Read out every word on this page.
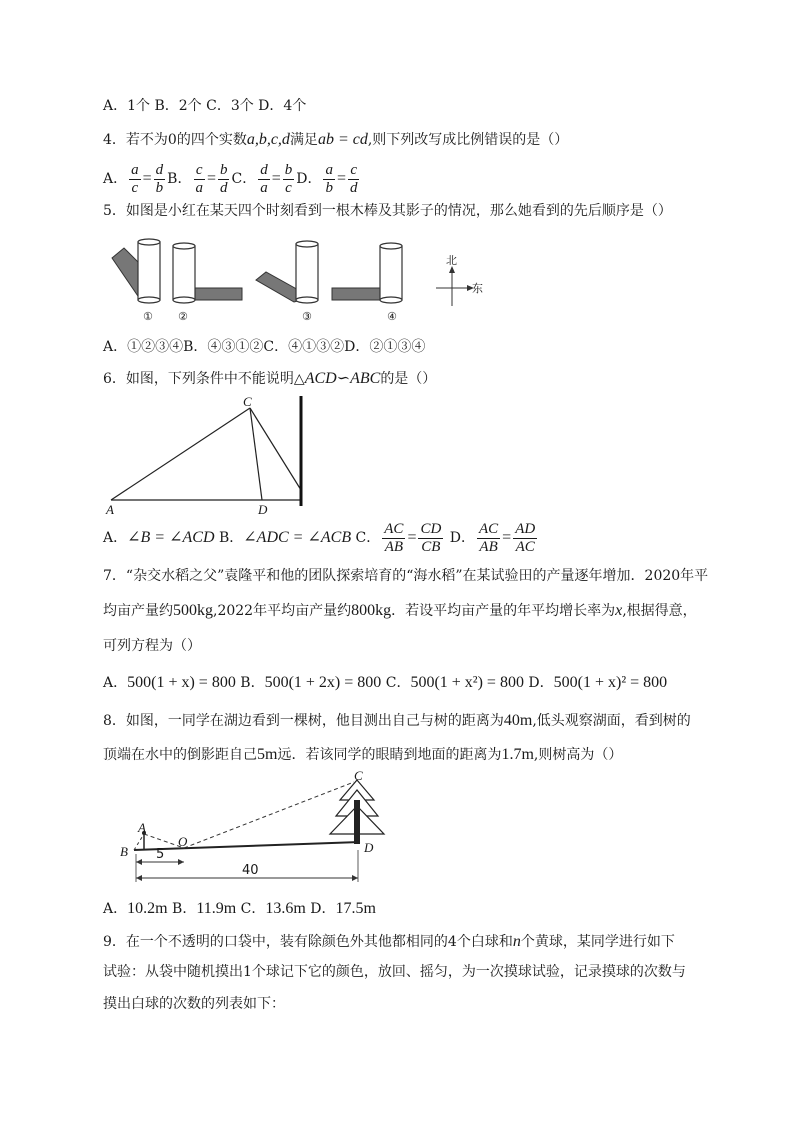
A．1个 B．2个 C．3个 D．4个
4．若不为0的四个实数a,b,c,d满足ab = cd,则下列改写成比例错误的是（）
A． $\frac{a}{c} = \frac{d}{b}$ B． $\frac{c}{a} = \frac{b}{d}$ C． $\frac{d}{a} = \frac{b}{c}$ D． $\frac{a}{b} = \frac{c}{d}$
5．如图是小红在某天四个时刻看到一根木棒及其影子的情况，那么她看到的先后顺序是（）
北
东
① ②	③	④
A．①②③④B．④③①②C．④①③②D．②①③④
6．如图，下列条件中不能说明△ACD∽ABC的是（）
C
A	D
A．∠B = ∠ACD B．∠ADC = ∠ACB C． $\frac{AC}{AB} = \frac{CD}{CB}$ D． $\frac{AC}{AB} = \frac{AD}{AC}$
7．“杂交水稻之父”袁隆平和他的团队探索培育的“海水稻”在某试验田的产量逐年增加．2020年平
均亩产量约500kg,2022年平均亩产量约800kg．若设平均亩产量的年平均增长率为x,根据得意，
可列方程为（）
A．500(1 + x) = 800 B．500(1 + 2x) = 800 C．500(1 + x²) = 800 D．500(1 + x)² = 800
8．如图，一同学在湖边看到一棵树，他目测出自己与树的距离为40m,低头观察湖面，看到树的
顶端在水中的倒影距自己5m远．若该同学的眼睛到地面的距离为1.7m,则树高为（）
A
B
O
C
D
5
40
A．10.2m B．11.9m C．13.6m D．17.5m
9．在一个不透明的口袋中，装有除颜色外其他都相同的4个白球和n个黄球，某同学进行如下
试验：从袋中随机摸出1个球记下它的颜色，放回、摇匀，为一次摸球试验，记录摸球的次数与
摸出白球的次数的列表如下：
